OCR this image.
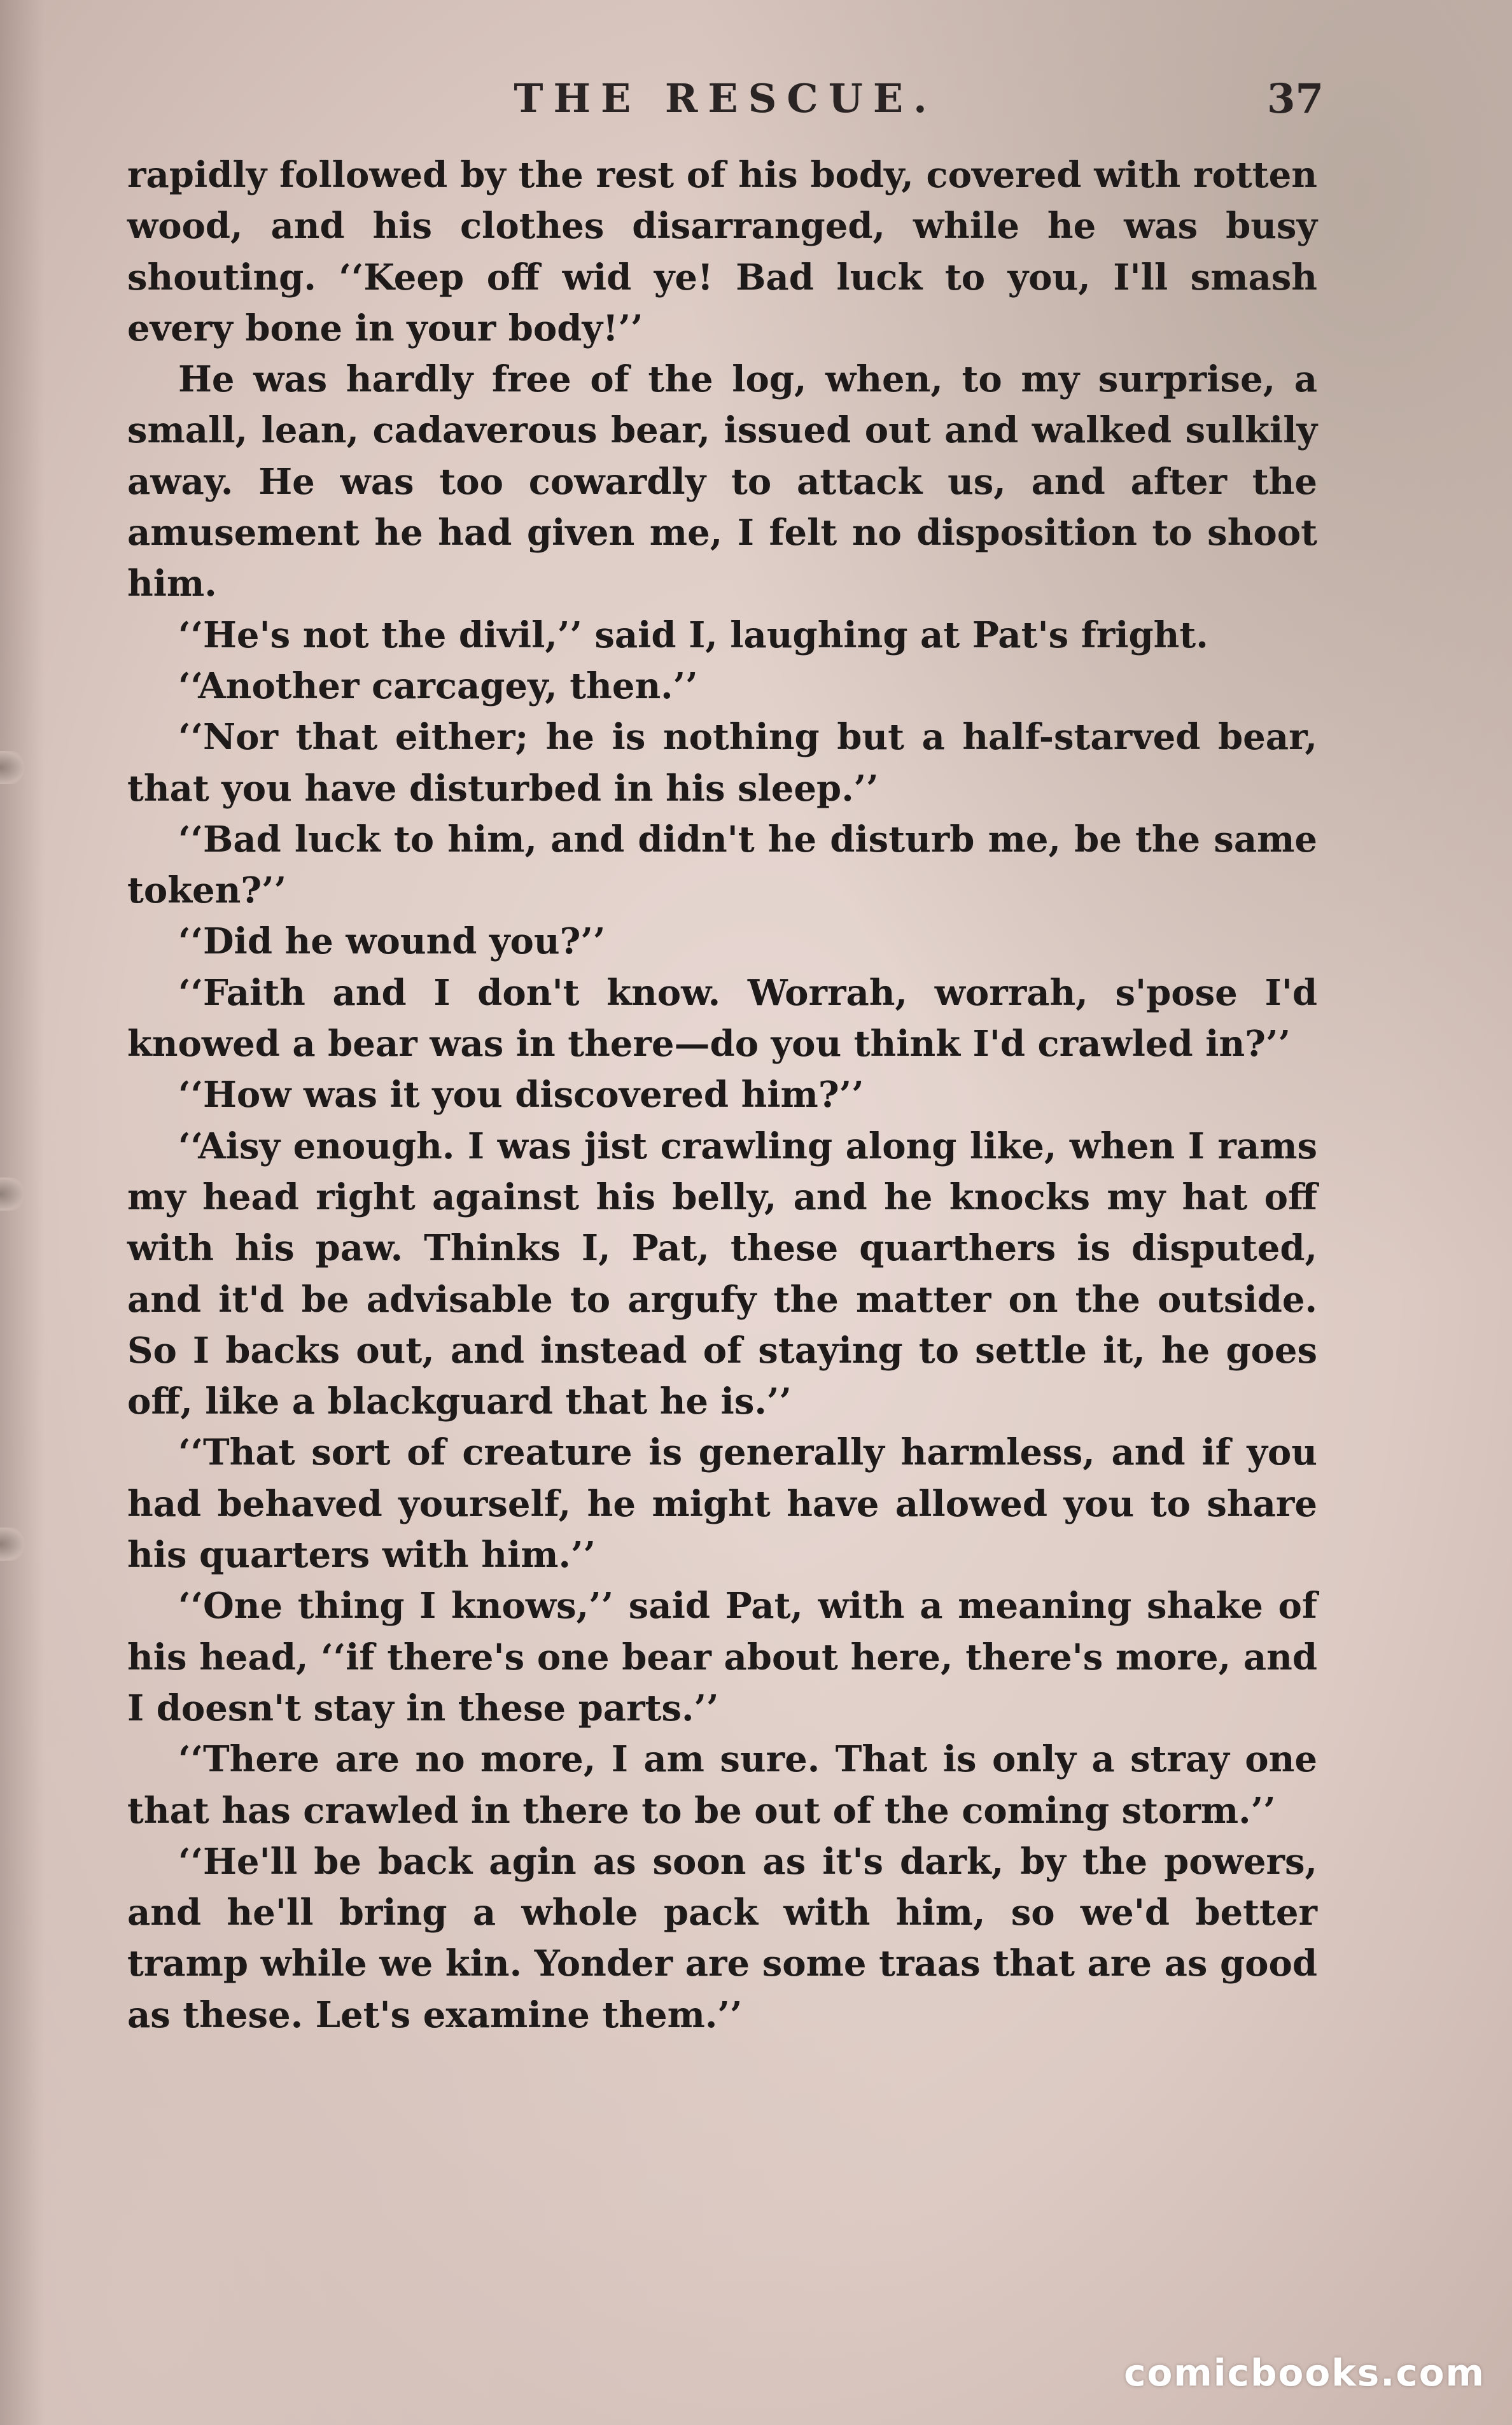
THE RESCUE.	37

rapidly followed by the rest of his body, covered with rotten wood, and his clothes disarranged, while he was busy shouting. ‘‘Keep off wid ye! Bad luck to you, I'll smash every bone in your body!’’

He was hardly free of the log, when, to my surprise, a small, lean, cadaverous bear, issued out and walked sulkily away. He was too cowardly to attack us, and after the amusement he had given me, I felt no disposition to shoot him.

‘‘He's not the divil,’’ said I, laughing at Pat's fright.

‘‘Another carcagey, then.’’

‘‘Nor that either; he is nothing but a half-starved bear, that you have disturbed in his sleep.’’

‘‘Bad luck to him, and didn't he disturb me, be the same token?’’

‘‘Did he wound you?’’

‘‘Faith and I don't know. Worrah, worrah, s'pose I'd knowed a bear was in there—do you think I'd crawled in?’’

‘‘How was it you discovered him?’’

‘‘Aisy enough. I was jist crawling along like, when I rams my head right against his belly, and he knocks my hat off with his paw. Thinks I, Pat, these quarthers is disputed, and it'd be advisable to argufy the matter on the outside. So I backs out, and instead of staying to settle it, he goes off, like a blackguard that he is.’’

‘‘That sort of creature is generally harmless, and if you had behaved yourself, he might have allowed you to share his quarters with him.’’

‘‘One thing I knows,’’ said Pat, with a meaning shake of his head, ‘‘if there's one bear about here, there's more, and I doesn't stay in these parts.’’

‘‘There are no more, I am sure. That is only a stray one that has crawled in there to be out of the coming storm.’’

‘‘He'll be back agin as soon as it's dark, by the powers, and he'll bring a whole pack with him, so we'd better tramp while we kin. Yonder are some traas that are as good as these. Let's examine them.’’

comicbooks.com
